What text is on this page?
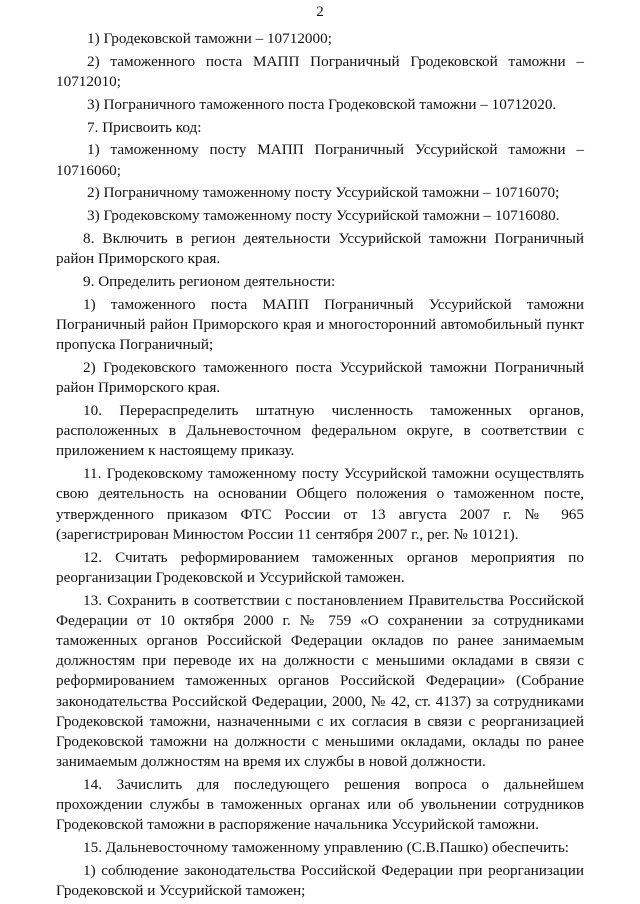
2

1) Гродековской таможни – 10712000;

2) таможенного поста МАПП Пограничный Гродековской таможни – 10712010;

3) Пограничного таможенного поста Гродековской таможни – 10712020.

7. Присвоить код:

1) таможенному посту МАПП Пограничный Уссурийской таможни – 10716060;

2) Пограничному таможенному посту Уссурийской таможни – 10716070;

3) Гродековскому таможенному посту Уссурийской таможни – 10716080.

8. Включить в регион деятельности Уссурийской таможни Пограничный район Приморского края.

9. Определить регионом деятельности:

1) таможенного поста МАПП Пограничный Уссурийской таможни Пограничный район Приморского края и многосторонний автомобильный пункт пропуска Пограничный;

2) Гродековского таможенного поста Уссурийской таможни Пограничный район Приморского края.

10. Перераспределить штатную численность таможенных органов, расположенных в Дальневосточном федеральном округе, в соответствии с приложением к настоящему приказу.

11. Гродековскому таможенному посту Уссурийской таможни осуществлять свою деятельность на основании Общего положения о таможенном посте, утвержденного приказом ФТС России от 13 августа 2007 г. № 965 (зарегистрирован Минюстом России 11 сентября 2007 г., рег. № 10121).

12. Считать реформированием таможенных органов мероприятия по реорганизации Гродековской и Уссурийской таможен.

13. Сохранить в соответствии с постановлением Правительства Российской Федерации от 10 октября 2000 г. № 759 «О сохранении за сотрудниками таможенных органов Российской Федерации окладов по ранее занимаемым должностям при переводе их на должности с меньшими окладами в связи с реформированием таможенных органов Российской Федерации» (Собрание законодательства Российской Федерации, 2000, № 42, ст. 4137) за сотрудниками Гродековской таможни, назначенными с их согласия в связи с реорганизацией Гродековской таможни на должности с меньшими окладами, оклады по ранее занимаемым должностям на время их службы в новой должности.

14. Зачислить для последующего решения вопроса о дальнейшем прохождении службы в таможенных органах или об увольнении сотрудников Гродековской таможни в распоряжение начальника Уссурийской таможни.

15. Дальневосточному таможенному управлению (С.В.Пашко) обеспечить:

1) соблюдение законодательства Российской Федерации при реорганизации Гродековской и Уссурийской таможен;
